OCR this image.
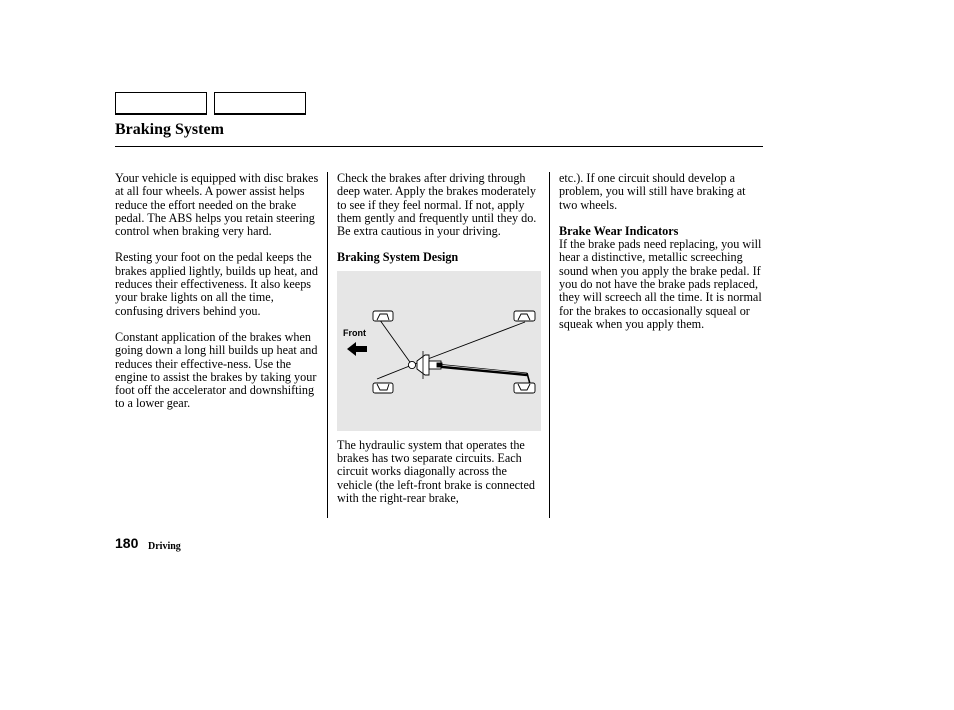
Braking System

Your vehicle is equipped with disc brakes at all four wheels. A power assist helps reduce the effort needed on the brake pedal. The ABS helps you retain steering control when braking very hard.

Resting your foot on the pedal keeps the brakes applied lightly, builds up heat, and reduces their effectiveness. It also keeps your brake lights on all the time, confusing drivers behind you.

Constant application of the brakes when going down a long hill builds up heat and reduces their effective-ness. Use the engine to assist the brakes by taking your foot off the accelerator and downshifting to a lower gear.

Check the brakes after driving through deep water. Apply the brakes moderately to see if they feel normal. If not, apply them gently and frequently until they do. Be extra cautious in your driving.

Braking System Design
Front

The hydraulic system that operates the brakes has two separate circuits. Each circuit works diagonally across the vehicle (the left-front brake is connected with the right-rear brake,

etc.). If one circuit should develop a problem, you will still have braking at two wheels.

Brake Wear Indicators

If the brake pads need replacing, you will hear a distinctive, metallic screeching sound when you apply the brake pedal. If you do not have the brake pads replaced, they will screech all the time. It is normal for the brakes to occasionally squeal or squeak when you apply them.

180 Driving
